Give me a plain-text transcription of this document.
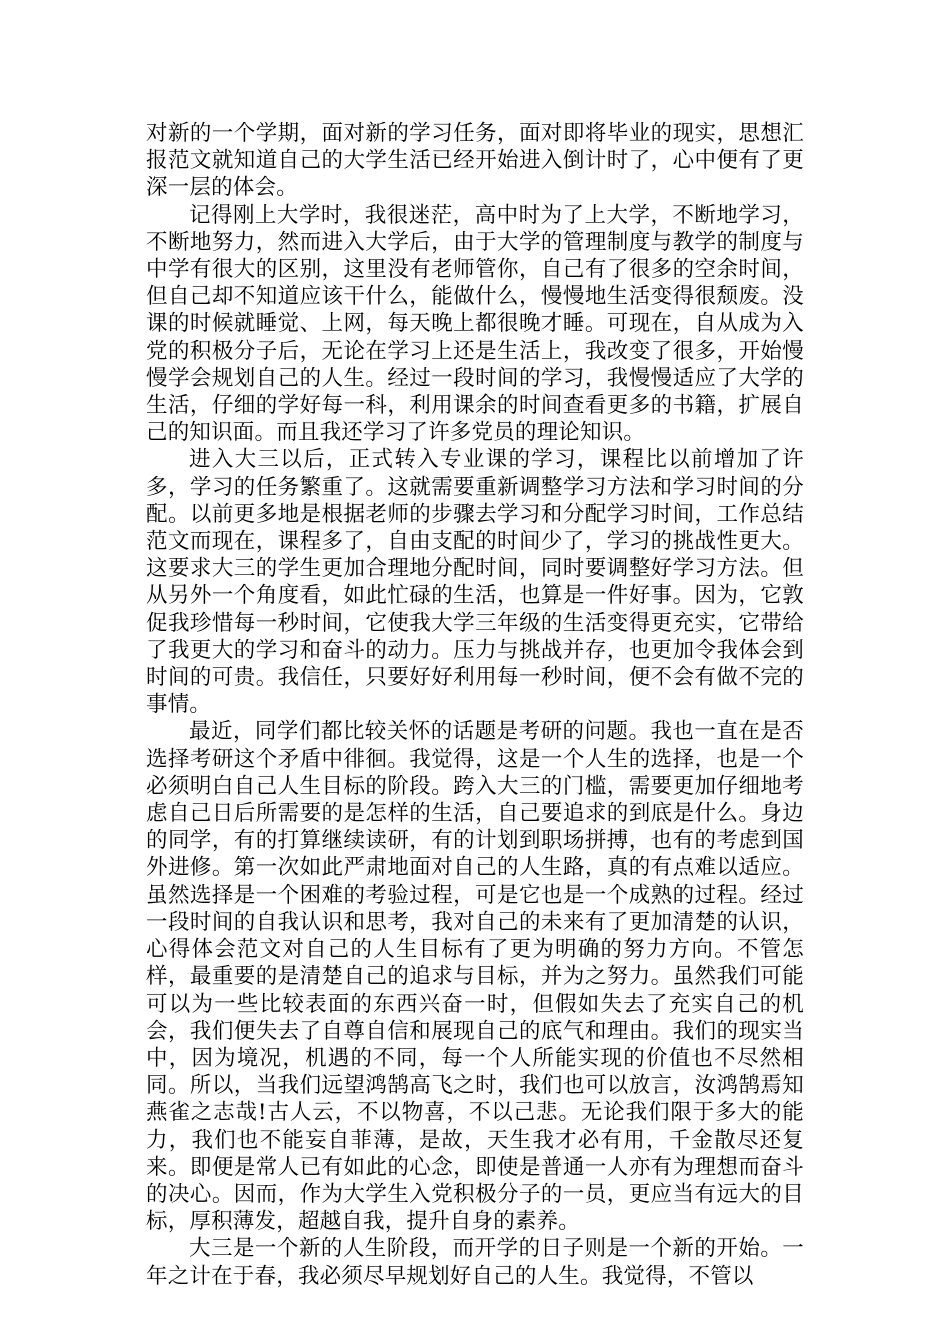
对新的一个学期，面对新的学习任务，面对即将毕业的现实，思想汇报范文就知道自己的大学生活已经开始进入倒计时了，心中便有了更深一层的体会。

记得刚上大学时，我很迷茫，高中时为了上大学，不断地学习，不断地努力，然而进入大学后，由于大学的管理制度与教学的制度与中学有很大的区别，这里没有老师管你，自己有了很多的空余时间，但自己却不知道应该干什么，能做什么，慢慢地生活变得很颓废。没课的时候就睡觉、上网，每天晚上都很晚才睡。可现在，自从成为入党的积极分子后，无论在学习上还是生活上，我改变了很多，开始慢慢学会规划自己的人生。经过一段时间的学习，我慢慢适应了大学的生活，仔细的学好每一科，利用课余的时间查看更多的书籍，扩展自己的知识面。而且我还学习了许多党员的理论知识。

进入大三以后，正式转入专业课的学习，课程比以前增加了许多，学习的任务繁重了。这就需要重新调整学习方法和学习时间的分配。以前更多地是根据老师的步骤去学习和分配学习时间，工作总结范文而现在，课程多了，自由支配的时间少了，学习的挑战性更大。这要求大三的学生更加合理地分配时间，同时要调整好学习方法。但从另外一个角度看，如此忙碌的生活，也算是一件好事。因为，它敦促我珍惜每一秒时间，它使我大学三年级的生活变得更充实，它带给了我更大的学习和奋斗的动力。压力与挑战并存，也更加令我体会到时间的可贵。我信任，只要好好利用每一秒时间，便不会有做不完的事情。

最近，同学们都比较关怀的话题是考研的问题。我也一直在是否选择考研这个矛盾中徘徊。我觉得，这是一个人生的选择，也是一个必须明白自己人生目标的阶段。跨入大三的门槛，需要更加仔细地考虑自己日后所需要的是怎样的生活，自己要追求的到底是什么。身边的同学，有的打算继续读研，有的计划到职场拼搏，也有的考虑到国外进修。第一次如此严肃地面对自己的人生路，真的有点难以适应。虽然选择是一个困难的考验过程，可是它也是一个成熟的过程。经过一段时间的自我认识和思考，我对自己的未来有了更加清楚的认识，心得体会范文对自己的人生目标有了更为明确的努力方向。不管怎样，最重要的是清楚自己的追求与目标，并为之努力。虽然我们可能可以为一些比较表面的东西兴奋一时，但假如失去了充实自己的机会，我们便失去了自尊自信和展现自己的底气和理由。我们的现实当中，因为境况，机遇的不同，每一个人所能实现的价值也不尽然相同。所以，当我们远望鸿鹄高飞之时，我们也可以放言，汝鸿鹄焉知燕雀之志哉!古人云，不以物喜，不以己悲。无论我们限于多大的能力，我们也不能妄自菲薄，是故，天生我才必有用，千金散尽还复来。即便是常人已有如此的心念，即使是普通一人亦有为理想而奋斗的决心。因而，作为大学生入党积极分子的一员，更应当有远大的目标，厚积薄发，超越自我，提升自身的素养。

大三是一个新的人生阶段，而开学的日子则是一个新的开始。一年之计在于春，我必须尽早规划好自己的人生。我觉得，不管以
